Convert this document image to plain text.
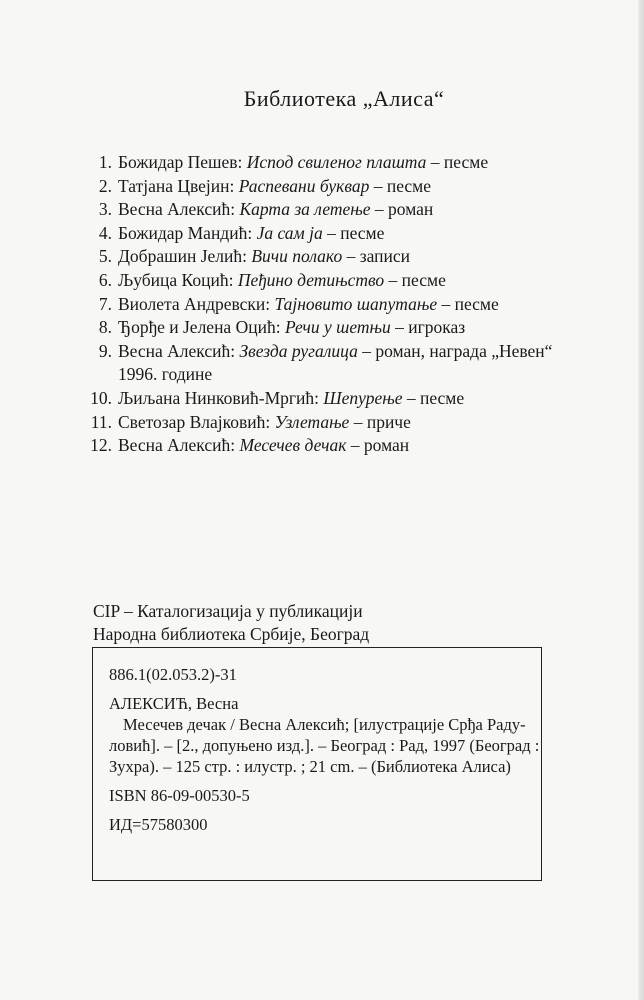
Библиотека „Алиса“
1. Божидар Пешев: Испод свиленог плашта – песме
2. Татјана Цвејин: Распевани буквар – песме
3. Весна Алексић: Карта за летење – роман
4. Божидар Мандић: Ја сам ја – песме
5. Добрашин Јелић: Вичи полако – записи
6. Љубица Коцић: Пеђино детињство – песме
7. Виолета Андревски: Тајновито шапутање – песме
8. Ђорђе и Јелена Оцић: Речи у шетњи – игроказ
9. Весна Алексић: Звезда ругалица – роман, награда „Невен“
1996. године
10. Љиљана Нинковић-Мргић: Шепурење – песме
11. Светозар Влајковић: Узлетање – приче
12. Весна Алексић: Месечев дечак – роман
CIP – Каталогизација у публикацији
Народна библиотека Србије, Београд
886.1(02.053.2)-31
АЛЕКСИЋ, Весна
Месечев дечак / Весна Алексић; [илустрације Срђа Раду-
ловић]. – [2., допуњено изд.]. – Београд : Рад, 1997 (Београд :
Зухра). – 125 стр. : илустр. ; 21 cm. – (Библиотека Алиса)
ISBN 86-09-00530-5
ИД=57580300
